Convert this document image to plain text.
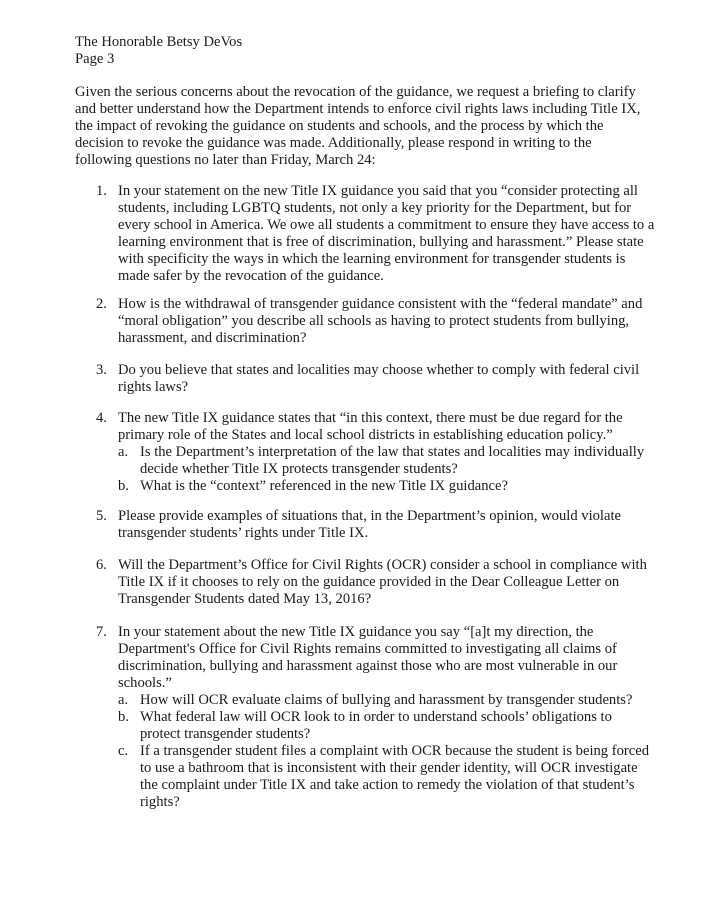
The Honorable Betsy DeVos
Page 3

Given the serious concerns about the revocation of the guidance, we request a briefing to clarify and better understand how the Department intends to enforce civil rights laws including Title IX, the impact of revoking the guidance on students and schools, and the process by which the decision to revoke the guidance was made. Additionally, please respond in writing to the following questions no later than Friday, March 24:

1. In your statement on the new Title IX guidance you said that you “consider protecting all students, including LGBTQ students, not only a key priority for the Department, but for every school in America. We owe all students a commitment to ensure they have access to a learning environment that is free of discrimination, bullying and harassment.” Please state with specificity the ways in which the learning environment for transgender students is made safer by the revocation of the guidance.

2. How is the withdrawal of transgender guidance consistent with the “federal mandate” and “moral obligation” you describe all schools as having to protect students from bullying, harassment, and discrimination?

3. Do you believe that states and localities may choose whether to comply with federal civil rights laws?

4. The new Title IX guidance states that “in this context, there must be due regard for the primary role of the States and local school districts in establishing education policy.”

a. Is the Department’s interpretation of the law that states and localities may individually decide whether Title IX protects transgender students?

b. What is the “context” referenced in the new Title IX guidance?

5. Please provide examples of situations that, in the Department’s opinion, would violate transgender students’ rights under Title IX.

6. Will the Department’s Office for Civil Rights (OCR) consider a school in compliance with Title IX if it chooses to rely on the guidance provided in the Dear Colleague Letter on Transgender Students dated May 13, 2016?

7. In your statement about the new Title IX guidance you say “[a]t my direction, the Department's Office for Civil Rights remains committed to investigating all claims of discrimination, bullying and harassment against those who are most vulnerable in our schools.”

a. How will OCR evaluate claims of bullying and harassment by transgender students?

b. What federal law will OCR look to in order to understand schools’ obligations to protect transgender students?

c. If a transgender student files a complaint with OCR because the student is being forced to use a bathroom that is inconsistent with their gender identity, will OCR investigate the complaint under Title IX and take action to remedy the violation of that student’s rights?
